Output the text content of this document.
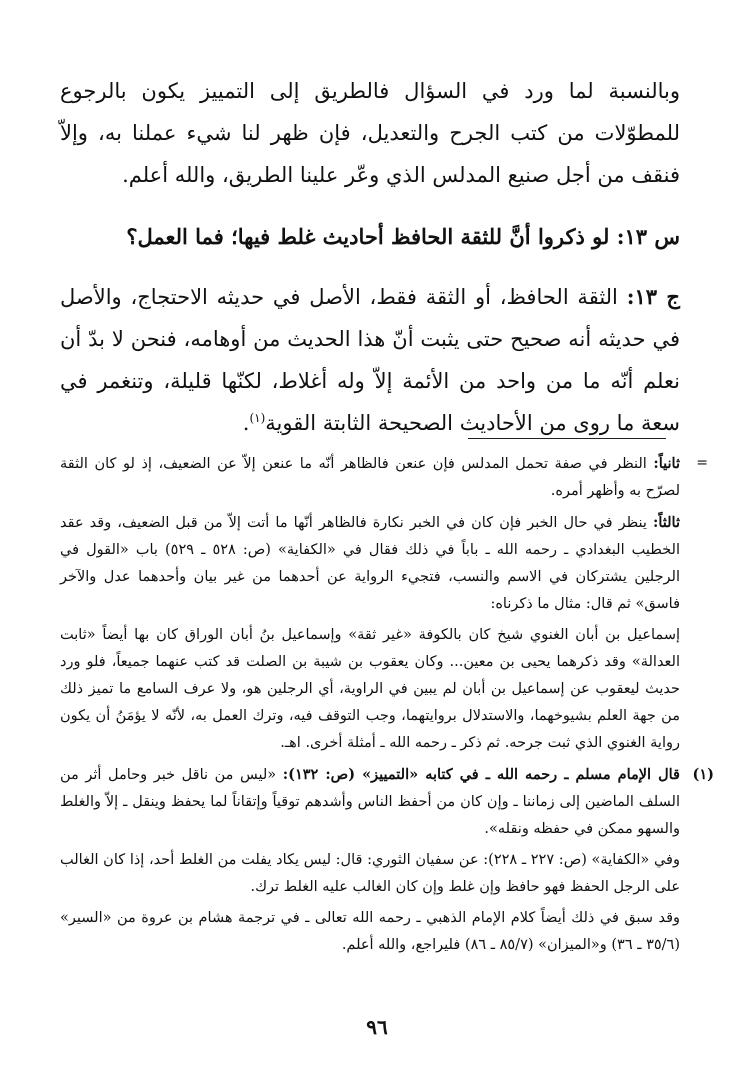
وبالنسبة لما ورد في السؤال فالطريق إلى التمييز يكون بالرجوع للمطوّلات من كتب الجرح والتعديل، فإن ظهر لنا شيء عملنا به، وإلاّ فنقف من أجل صنيع المدلس الذي وعّر علينا الطريق، والله أعلم.

س ١٣: لو ذكروا أنَّ للثقة الحافظ أحاديث غلط فيها؛ فما العمل؟

ج ١٣: الثقة الحافظ، أو الثقة فقط، الأصل في حديثه الاحتجاج، والأصل في حديثه أنه صحيح حتى يثبت أنّ هذا الحديث من أوهامه، فنحن لا بدّ أن نعلم أنّه ما من واحد من الأئمة إلاّ وله أغلاط، لكنّها قليلة، وتنغمر في سعة ما روى من الأحاديث الصحيحة الثابتة القوية$^{(١)}$.

=
ثانياً: النظر في صفة تحمل المدلس فإن عنعن فالظاهر أنّه ما عنعن إلاّ عن الضعيف، إذ لو كان الثقة لصرّح به وأظهر أمره.

ثالثاً: ينظر في حال الخبر فإن كان في الخبر نكارة فالظاهر أنّها ما أتت إلاّ من قبل الضعيف، وقد عقد الخطيب البغدادي ـ رحمه الله ـ باباً في ذلك فقال في «الكفاية» (ص: ٥٢٨ ـ ٥٢٩) باب «القول في الرجلين يشتركان في الاسم والنسب، فتجيء الرواية عن أحدهما من غير بيان وأحدهما عدل والآخر فاسق» ثم قال: مثال ما ذكرناه:

إسماعيل بن أبان الغنوي شيخ كان بالكوفة «غير ثقة» وإسماعيل بنُ أبان الوراق كان بها أيضاً «ثابت العدالة» وقد ذكرهما يحيى بن معين... وكان يعقوب بن شيبة بن الصلت قد كتب عنهما جميعاً، فلو ورد حديث ليعقوب عن إسماعيل بن أبان لم يبين في الراوية، أي الرجلين هو، ولا عرف السامع ما تميز ذلك من جهة العلم بشيوخهما، والاستدلال بروايتهما، وجب التوقف فيه، وترك العمل به، لأنّه لا يؤمَنُ أن يكون رواية الغنوي الذي ثبت جرحه. ثم ذكر ـ رحمه الله ـ أمثلة أخرى. اهـ.

(١)
قال الإمام مسلم ـ رحمه الله ـ في كتابه «التمييز» (ص: ١٣٢): «ليس من ناقل خبر وحامل أثر من السلف الماضين إلى زماننا ـ وإن كان من أحفظ الناس وأشدهم توقياً وإتقاناً لما يحفظ وينقل ـ إلاّ والغلط والسهو ممكن في حفظه ونقله».

وفي «الكفاية» (ص: ٢٢٧ ـ ٢٢٨): عن سفيان الثوري: قال: ليس يكاد يفلت من الغلط أحد، إذا كان الغالب على الرجل الحفظ فهو حافظ وإن غلط وإن كان الغالب عليه الغلط ترك.

وقد سبق في ذلك أيضاً كلام الإمام الذهبي ـ رحمه الله تعالى ـ في ترجمة هشام بن عروة من «السير» (٣٥/٦ ـ ٣٦) و«الميزان» (٨٥/٧ ـ ٨٦) فليراجع، والله أعلم.

٩٦
